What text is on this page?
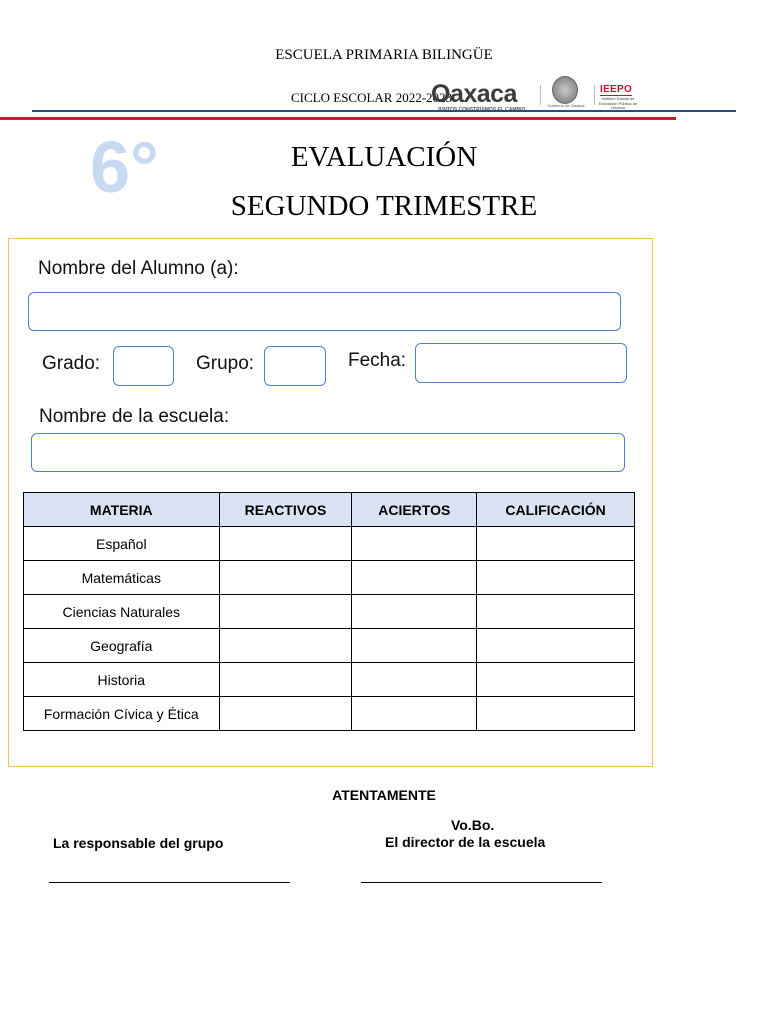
ESCUELA PRIMARIA BILINGÜE
CICLO ESCOLAR 2022-2023
Oaxaca	Gobierno de Oaxaca
IEEPO
Instituto Estatal de Educación Pública de Oaxaca
6°	EVALUACIÓN
SEGUNDO TRIMESTRE
Nombre del Alumno (a):
Grado:	Grupo:	Fecha:
Nombre de la escuela:
MATERIA	REACTIVOS	ACIERTOS	CALIFICACIÓN
Español			
Matemáticas			
Ciencias Naturales			
Geografía			
Historia			
Formación Cívica y Ética			
ATENTAMENTE
La responsable del grupo
Vo.Bo.
El director de la escuela
